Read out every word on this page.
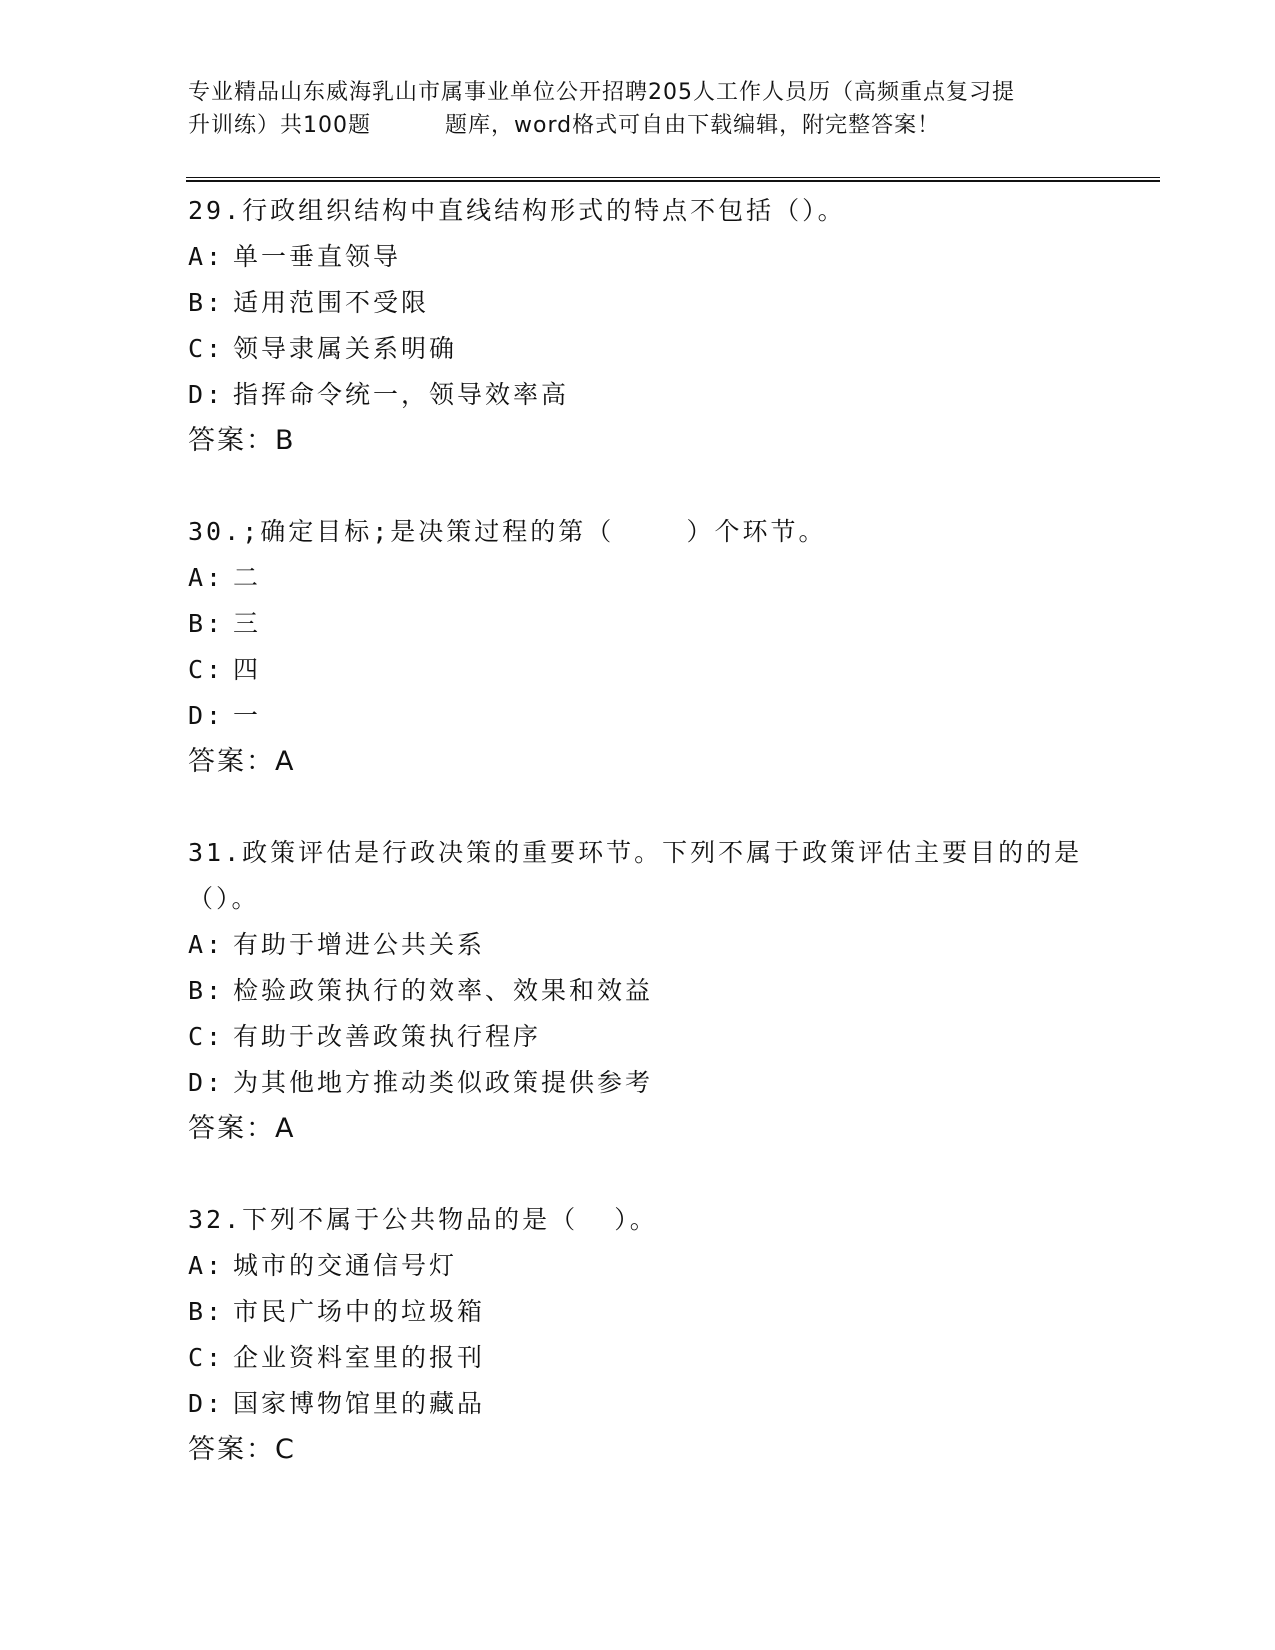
专业精品山东威海乳山市属事业单位公开招聘205人工作人员历（高频重点复习提
升训练）共100题	题库，word格式可自由下载编辑，附完整答案！

29.行政组织结构中直线结构形式的特点不包括（）。

A: 单一垂直领导

B: 适用范围不受限

C: 领导隶属关系明确

D: 指挥命令统一，领导效率高

答案：B

30.;确定目标;是决策过程的第（    ）个环节。

A: 二

B: 三

C: 四

D: 一

答案：A

31.政策评估是行政决策的重要环节。下列不属于政策评估主要目的的是（）。

A: 有助于增进公共关系

B: 检验政策执行的效率、效果和效益

C: 有助于改善政策执行程序

D: 为其他地方推动类似政策提供参考

答案：A

32.下列不属于公共物品的是（  ）。

A: 城市的交通信号灯

B: 市民广场中的垃圾箱

C: 企业资料室里的报刊

D: 国家博物馆里的藏品

答案：C
